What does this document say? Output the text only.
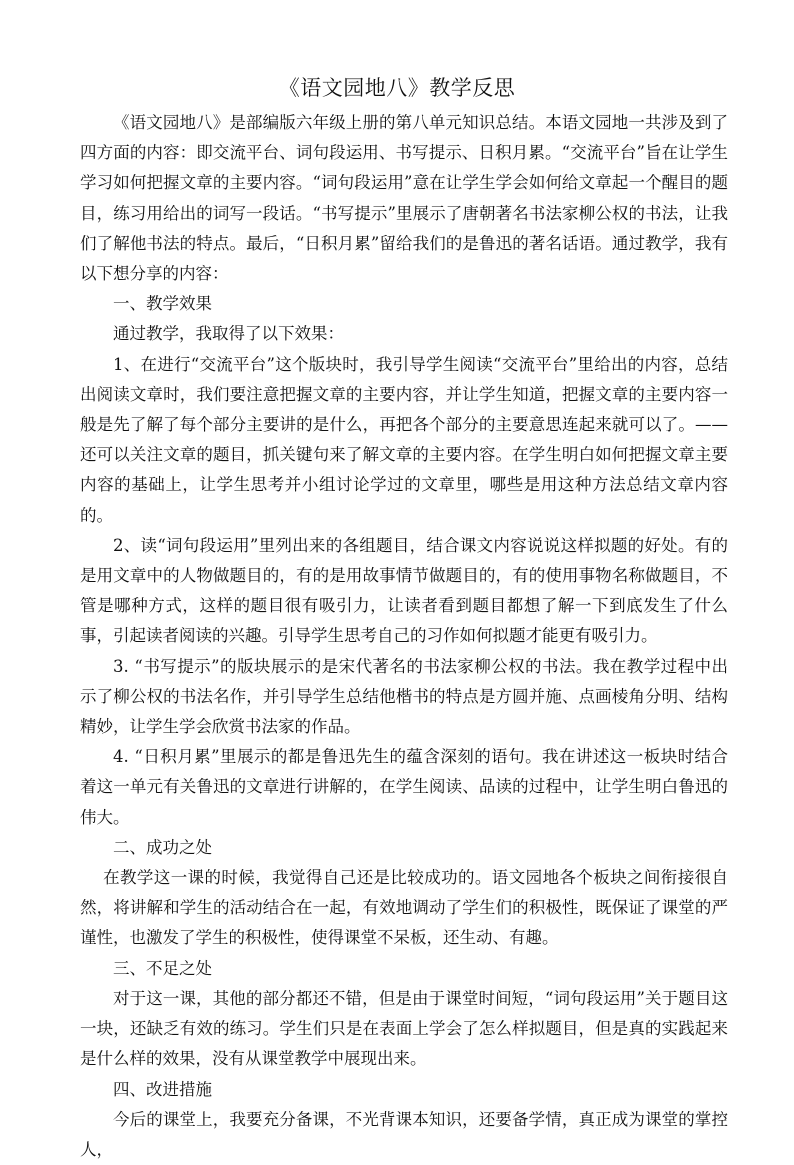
《语文园地八》教学反思

《语文园地八》是部编版六年级上册的第八单元知识总结。本语文园地一共涉及到了四方面的内容：即交流平台、词句段运用、书写提示、日积月累。“交流平台”旨在让学生学习如何把握文章的主要内容。“词句段运用”意在让学生学会如何给文章起一个醒目的题目，练习用给出的词写一段话。“书写提示”里展示了唐朝著名书法家柳公权的书法，让我们了解他书法的特点。最后，“日积月累”留给我们的是鲁迅的著名话语。通过教学，我有以下想分享的内容：

一、教学效果

通过教学，我取得了以下效果：

1、在进行“交流平台”这个版块时，我引导学生阅读“交流平台”里给出的内容，总结出阅读文章时，我们要注意把握文章的主要内容，并让学生知道，把握文章的主要内容一般是先了解了每个部分主要讲的是什么，再把各个部分的主要意思连起来就可以了。——还可以关注文章的题目，抓关键句来了解文章的主要内容。在学生明白如何把握文章主要内容的基础上，让学生思考并小组讨论学过的文章里，哪些是用这种方法总结文章内容的。

2、读“词句段运用”里列出来的各组题目，结合课文内容说说这样拟题的好处。有的是用文章中的人物做题目的，有的是用故事情节做题目的，有的使用事物名称做题目，不管是哪种方式，这样的题目很有吸引力，让读者看到题目都想了解一下到底发生了什么事，引起读者阅读的兴趣。引导学生思考自己的习作如何拟题才能更有吸引力。

3. “书写提示”的版块展示的是宋代著名的书法家柳公权的书法。我在教学过程中出示了柳公权的书法名作，并引导学生总结他楷书的特点是方圆并施、点画棱角分明、结构精妙，让学生学会欣赏书法家的作品。

4. “日积月累”里展示的都是鲁迅先生的蕴含深刻的语句。我在讲述这一板块时结合着这一单元有关鲁迅的文章进行讲解的，在学生阅读、品读的过程中，让学生明白鲁迅的伟大。

二、成功之处

在教学这一课的时候，我觉得自己还是比较成功的。语文园地各个板块之间衔接很自然，将讲解和学生的活动结合在一起，有效地调动了学生们的积极性，既保证了课堂的严谨性，也激发了学生的积极性，使得课堂不呆板，还生动、有趣。

三、不足之处

对于这一课，其他的部分都还不错，但是由于课堂时间短，“词句段运用”关于题目这一块，还缺乏有效的练习。学生们只是在表面上学会了怎么样拟题目，但是真的实践起来是什么样的效果，没有从课堂教学中展现出来。

四、改进措施

今后的课堂上，我要充分备课，不光背课本知识，还要备学情，真正成为课堂的掌控人，
